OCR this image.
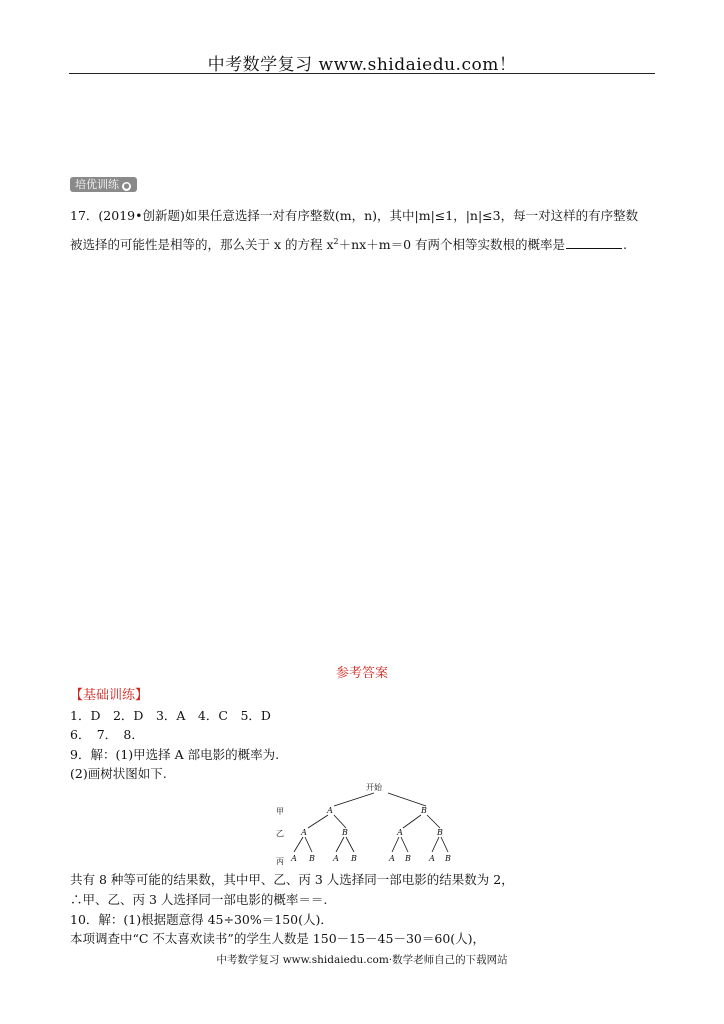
中考数学复习 www.shidaiedu.com！
培优训练 ●
17．(2019•创新题)如果任意选择一对有序整数(m，n)，其中|m|≤1，|n|≤3，每一对这样的有序整数
被选择的可能性是相等的，那么关于 x 的方程 $x^2+nx+m=0$ 有两个相等实数根的概率是	.
参考答案
【基础训练】
1．D　2．D　3．A　4．C　5．D
6．　7．　8．
9．解：(1)甲选择 A 部电影的概率为.
(2)画树状图如下.
开始
甲
乙
丙
A	B
A	B	A	B
A B A B	A B A B
共有 8 种等可能的结果数，其中甲、乙、丙 3 人选择同一部电影的结果数为 2，
∴甲、乙、丙 3 人选择同一部电影的概率＝＝.
10．解：(1)根据题意得 45÷30%＝150(人)．
本项调查中“C 不太喜欢读书”的学生人数是 150－15－45－30＝60(人)，
中考数学复习 www.shidaiedu.com·数学老师自己的下载网站
